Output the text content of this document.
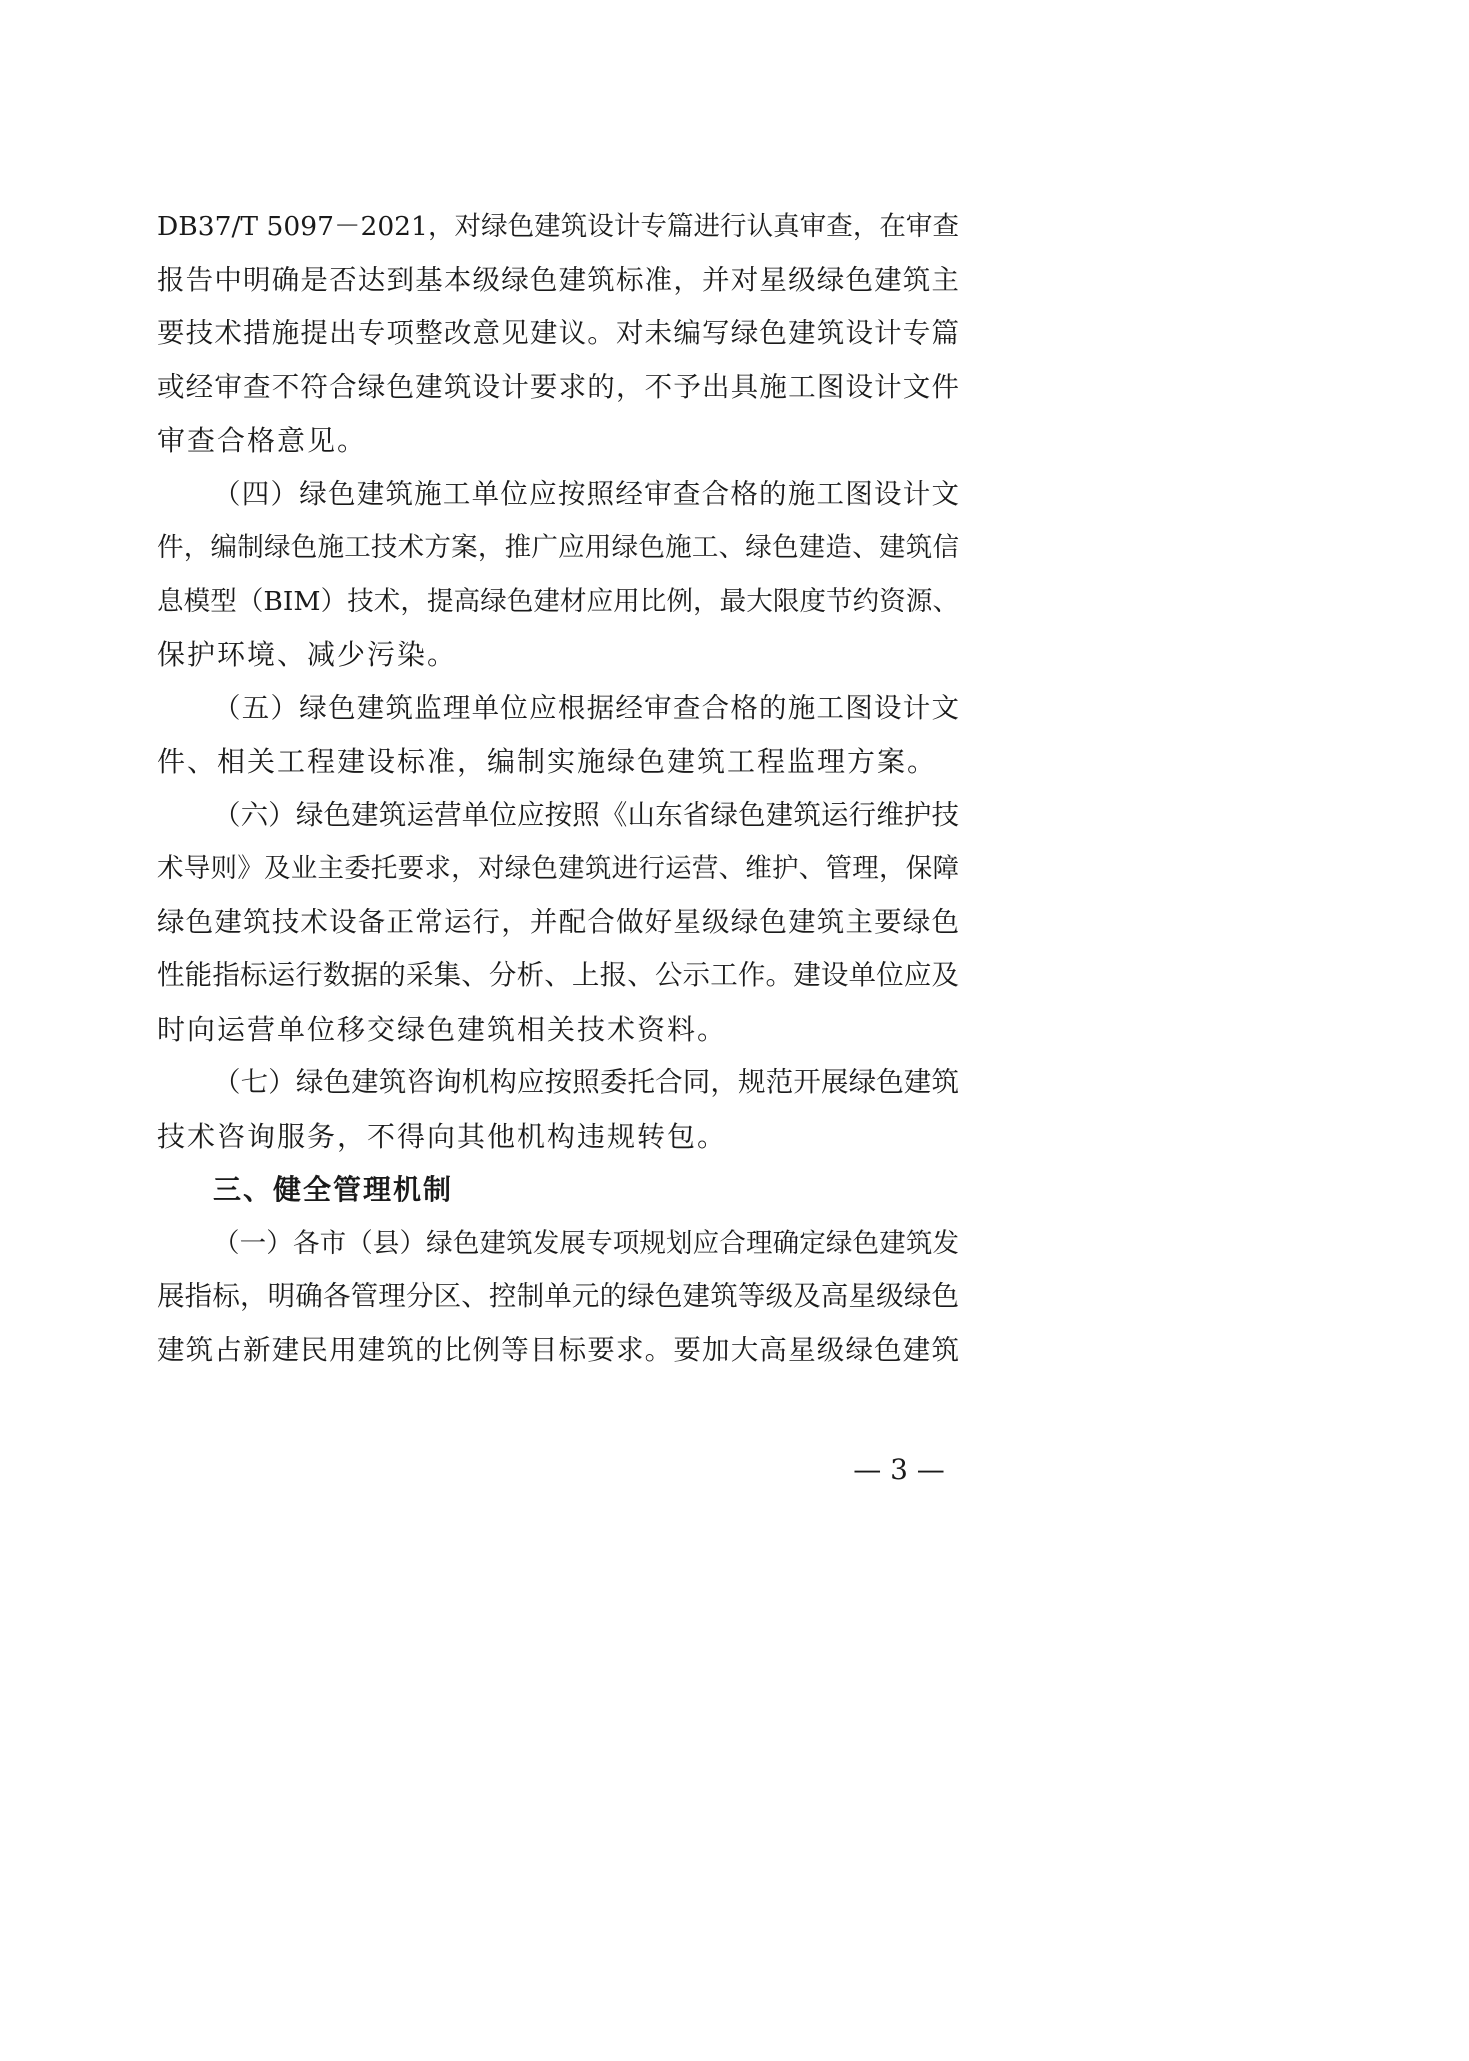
DB37/T 5097－2021，对绿色建筑设计专篇进行认真审查，在审查
报告中明确是否达到基本级绿色建筑标准，并对星级绿色建筑主
要技术措施提出专项整改意见建议。对未编写绿色建筑设计专篇
或经审查不符合绿色建筑设计要求的，不予出具施工图设计文件
审查合格意见。
（四）绿色建筑施工单位应按照经审查合格的施工图设计文
件，编制绿色施工技术方案，推广应用绿色施工、绿色建造、建筑信
息模型（BIM）技术，提高绿色建材应用比例，最大限度节约资源、
保护环境、减少污染。
（五）绿色建筑监理单位应根据经审查合格的施工图设计文
件、相关工程建设标准，编制实施绿色建筑工程监理方案。
（六）绿色建筑运营单位应按照《山东省绿色建筑运行维护技
术导则》及业主委托要求，对绿色建筑进行运营、维护、管理，保障
绿色建筑技术设备正常运行，并配合做好星级绿色建筑主要绿色
性能指标运行数据的采集、分析、上报、公示工作。建设单位应及
时向运营单位移交绿色建筑相关技术资料。
（七）绿色建筑咨询机构应按照委托合同，规范开展绿色建筑
技术咨询服务，不得向其他机构违规转包。
三、健全管理机制
（一）各市（县）绿色建筑发展专项规划应合理确定绿色建筑发
展指标，明确各管理分区、控制单元的绿色建筑等级及高星级绿色
建筑占新建民用建筑的比例等目标要求。要加大高星级绿色建筑
— 3 —
